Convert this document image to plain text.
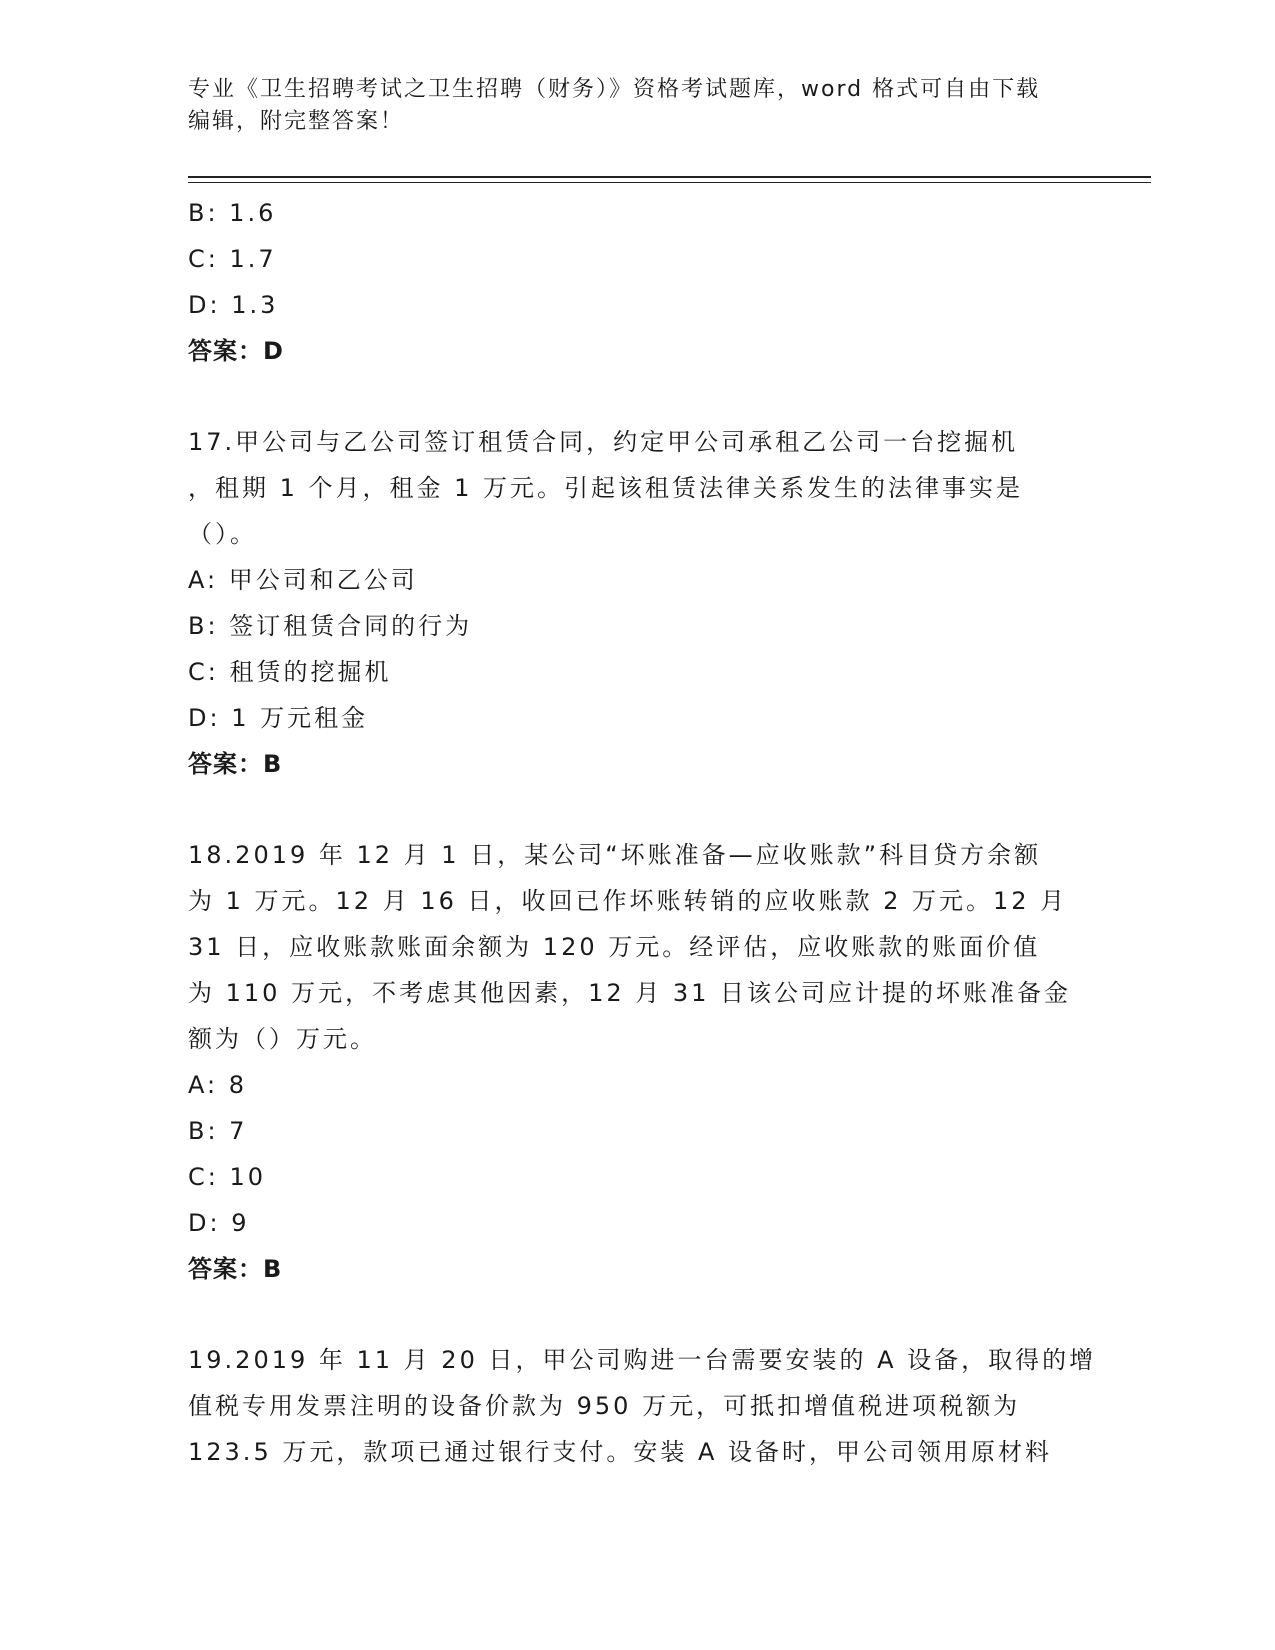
专业《卫生招聘考试之卫生招聘（财务）》资格考试题库，word 格式可自由下载
编辑，附完整答案！
B: 1.6
C: 1.7
D: 1.3
答案：D
17.甲公司与乙公司签订租赁合同，约定甲公司承租乙公司一台挖掘机
，租期 1 个月，租金 1 万元。引起该租赁法律关系发生的法律事实是
（）。
A: 甲公司和乙公司
B: 签订租赁合同的行为
C: 租赁的挖掘机
D: 1 万元租金
答案：B
18.2019 年 12 月 1 日，某公司“坏账准备—应收账款”科目贷方余额
为 1 万元。12 月 16 日，收回已作坏账转销的应收账款 2 万元。12 月
31 日，应收账款账面余额为 120 万元。经评估，应收账款的账面价值
为 110 万元，不考虑其他因素，12 月 31 日该公司应计提的坏账准备金
额为（）万元。
A: 8
B: 7
C: 10
D: 9
答案：B
19.2019 年 11 月 20 日，甲公司购进一台需要安装的 A 设备，取得的增
值税专用发票注明的设备价款为 950 万元，可抵扣增值税进项税额为
123.5 万元，款项已通过银行支付。安装 A 设备时，甲公司领用原材料
